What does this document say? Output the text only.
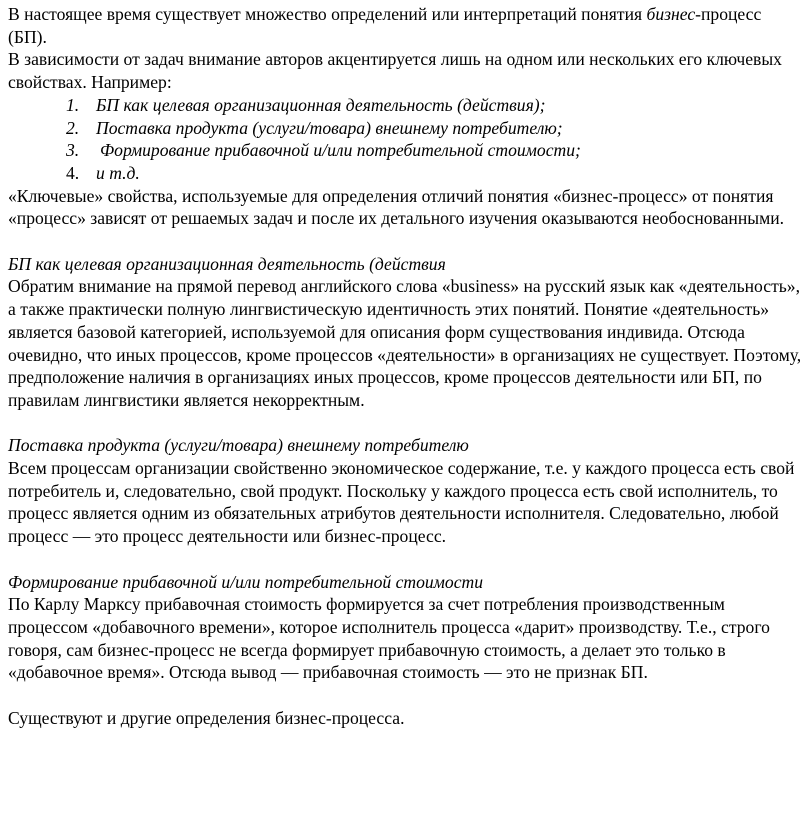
В настоящее время существует множество определений или интерпретаций понятия бизнес-процесс (БП).

В зависимости от задач внимание авторов акцентируется лишь на одном или нескольких его ключевых свойствах. Например:

1. БП как целевая организационная деятельность (действия);
2. Поставка продукта (услуги/товара) внешнему потребителю;
3.	Формирование прибавочной и/или потребительной стоимости;
4. и т.д.

«Ключевые» свойства, используемые для определения отличий понятия «бизнес-процесс» от понятия «процесс» зависят от решаемых задач и после их детального изучения оказываются необоснованными.

БП как целевая организационная деятельность (действия

Обратим внимание на прямой перевод английского слова «business» на русский язык как «деятельность», а также практически полную лингвистическую идентичность этих понятий. Понятие «деятельность» является базовой категорией, используемой для описания форм существования индивида. Отсюда очевидно, что иных процессов, кроме процессов «деятельности» в организациях не существует. Поэтому, предположение наличия в организациях иных процессов, кроме процессов деятельности или БП, по правилам лингвистики является некорректным.

Поставка продукта (услуги/товара) внешнему потребителю

Всем процессам организации свойственно экономическое содержание, т.е. у каждого процесса есть свой потребитель и, следовательно, свой продукт. Поскольку у каждого процесса есть свой исполнитель, то процесс является одним из обязательных атрибутов деятельности исполнителя. Следовательно, любой процесс — это процесс деятельности или бизнес-процесс.

Формирование прибавочной и/или потребительной стоимости

По Карлу Марксу прибавочная стоимость формируется за счет потребления производственным процессом «добавочного времени», которое исполнитель процесса «дарит» производству. Т.е., строго говоря, сам бизнес-процесс не всегда формирует прибавочную стоимость, а делает это только в «добавочное время». Отсюда вывод — прибавочная стоимость — это не признак БП.

Существуют и другие определения бизнес-процесса.
